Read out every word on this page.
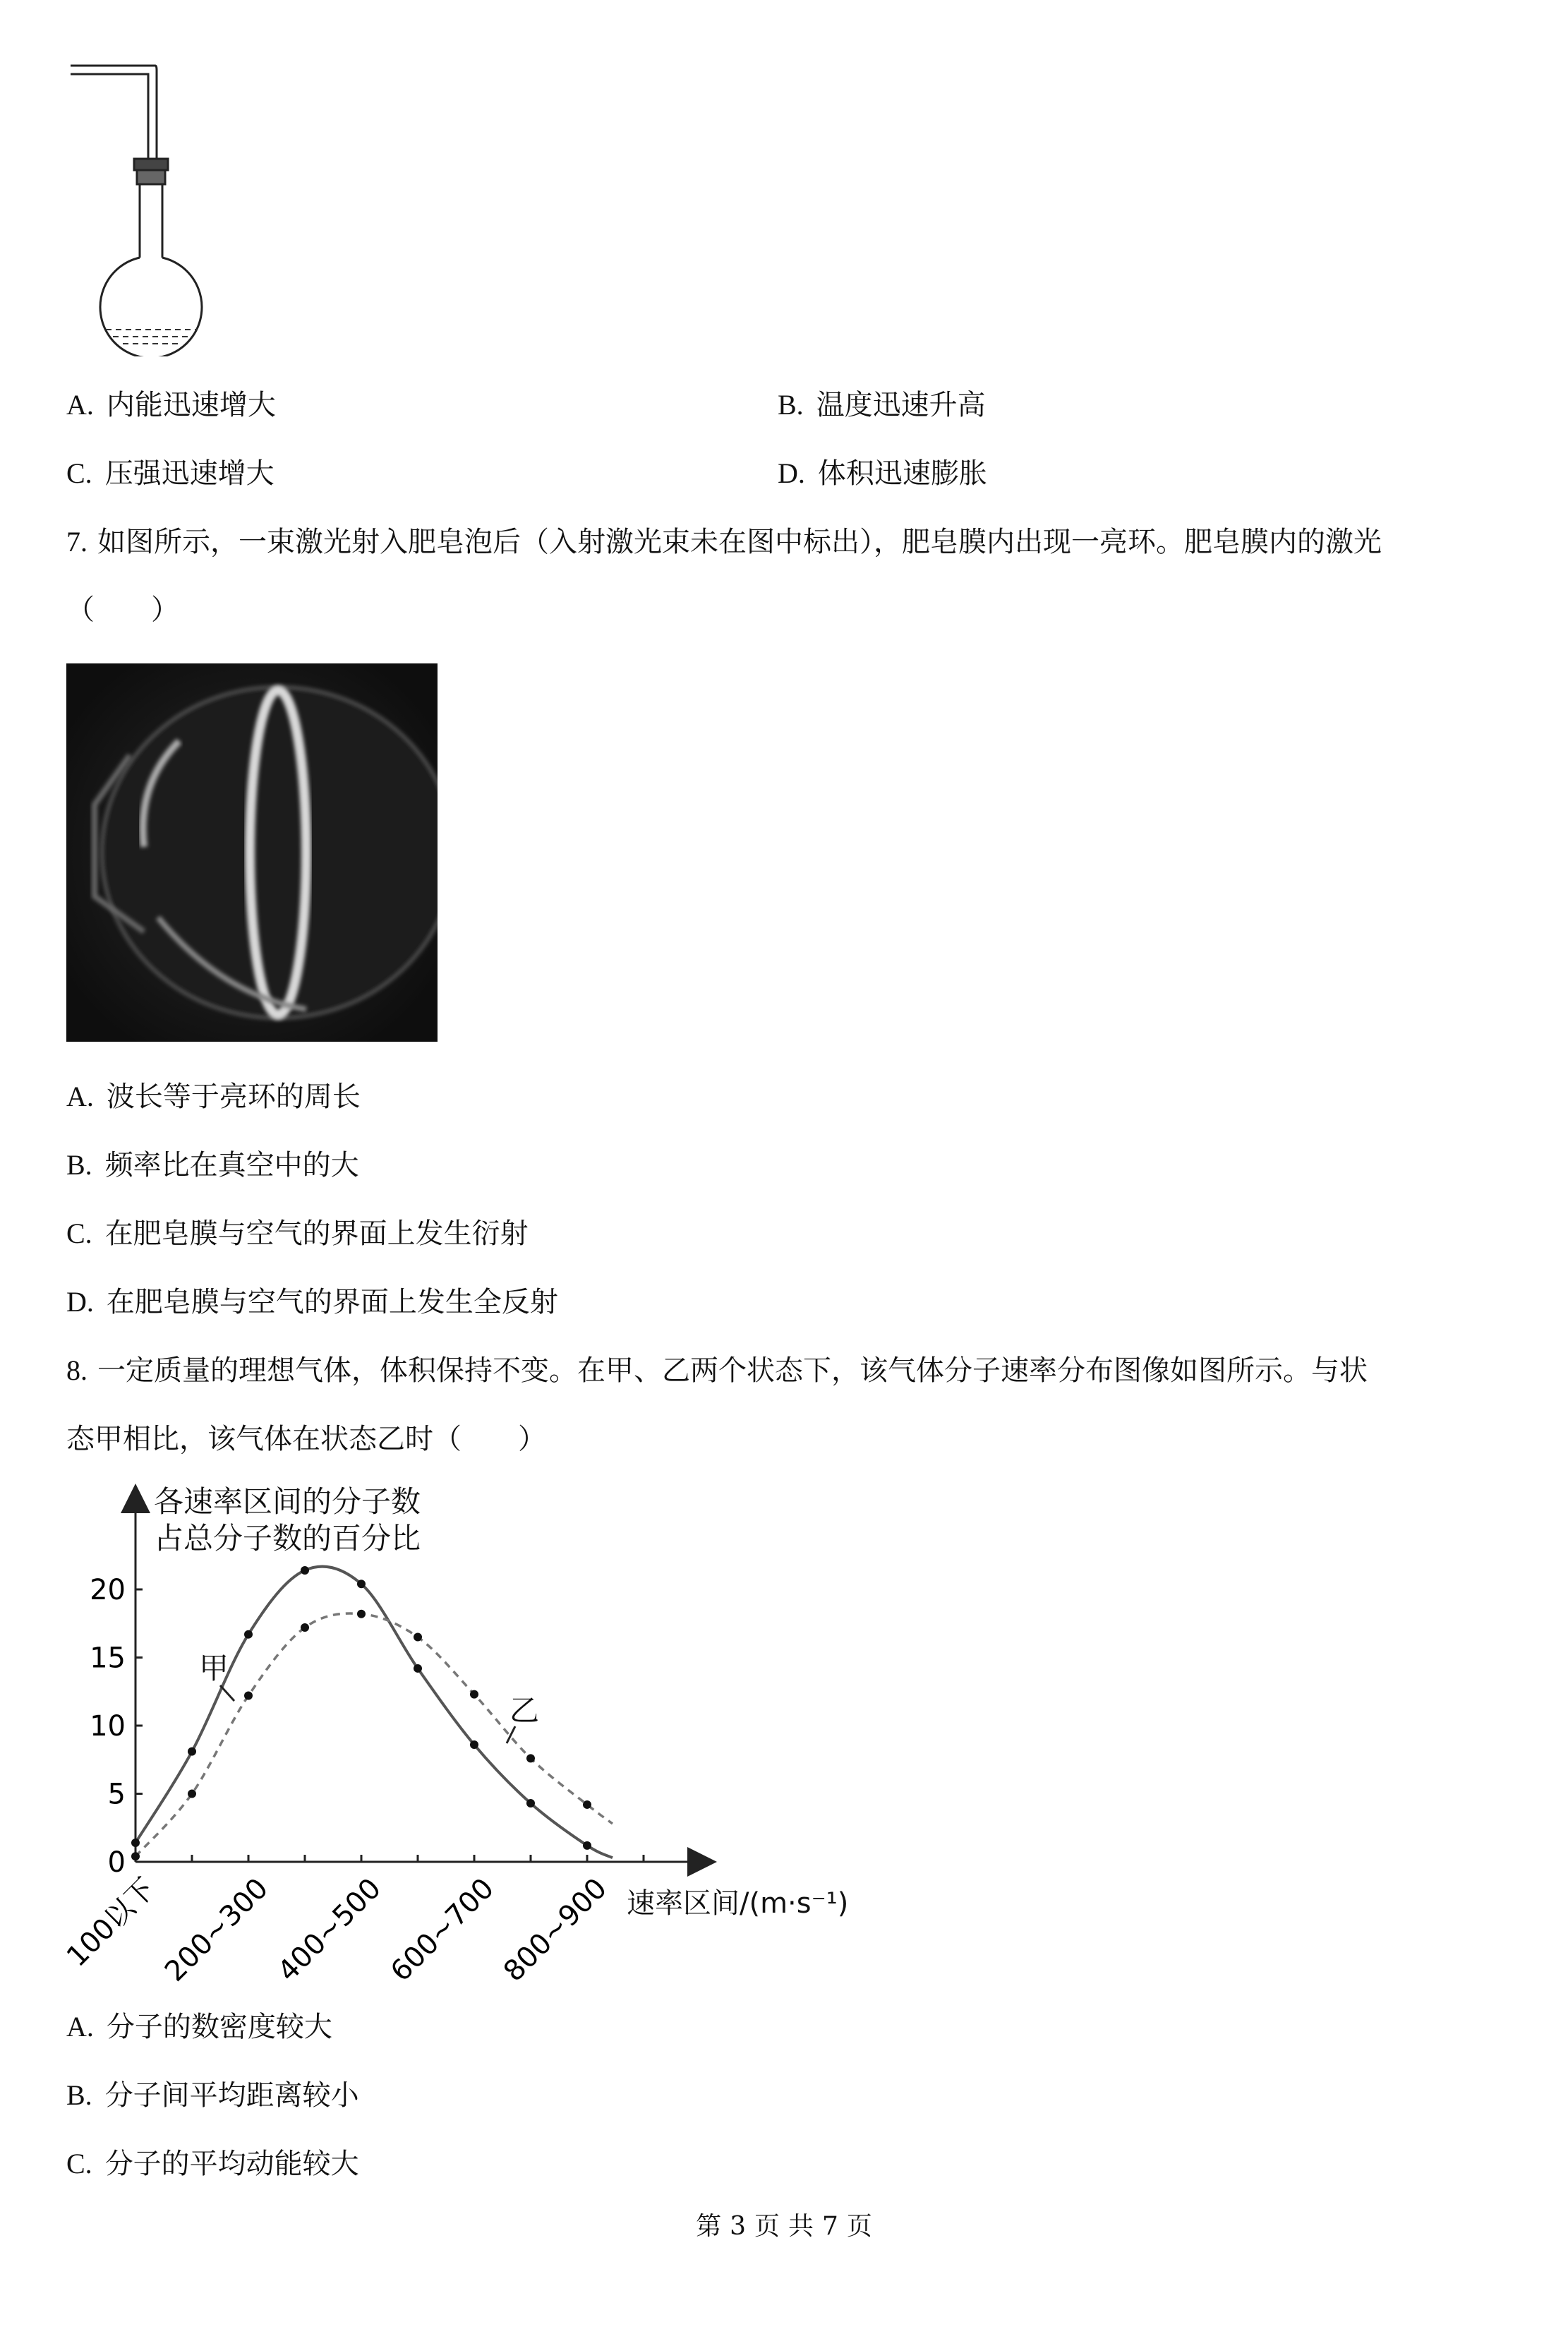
A. 内能迅速增大	B. 温度迅速升高
C. 压强迅速增大	D. 体积迅速膨胀
7. 如图所示，一束激光射入肥皂泡后（入射激光束未在图中标出），肥皂膜内出现一亮环。肥皂膜内的激光
（　　）
A. 波长等于亮环的周长
B. 频率比在真空中的大
C. 在肥皂膜与空气的界面上发生衍射
D. 在肥皂膜与空气的界面上发生全反射
8. 一定质量的理想气体，体积保持不变。在甲、乙两个状态下，该气体分子速率分布图像如图所示。与状
态甲相比，该气体在状态乙时（　　）
各速率区间的分子数
占总分子数的百分比
速率区间/(m·s⁻¹)
0
5
10
15
20
100以下
200~300
400~500
600~700
800~900
甲
乙
A. 分子的数密度较大
B. 分子间平均距离较小
C. 分子的平均动能较大
第 3 页 共 7 页
